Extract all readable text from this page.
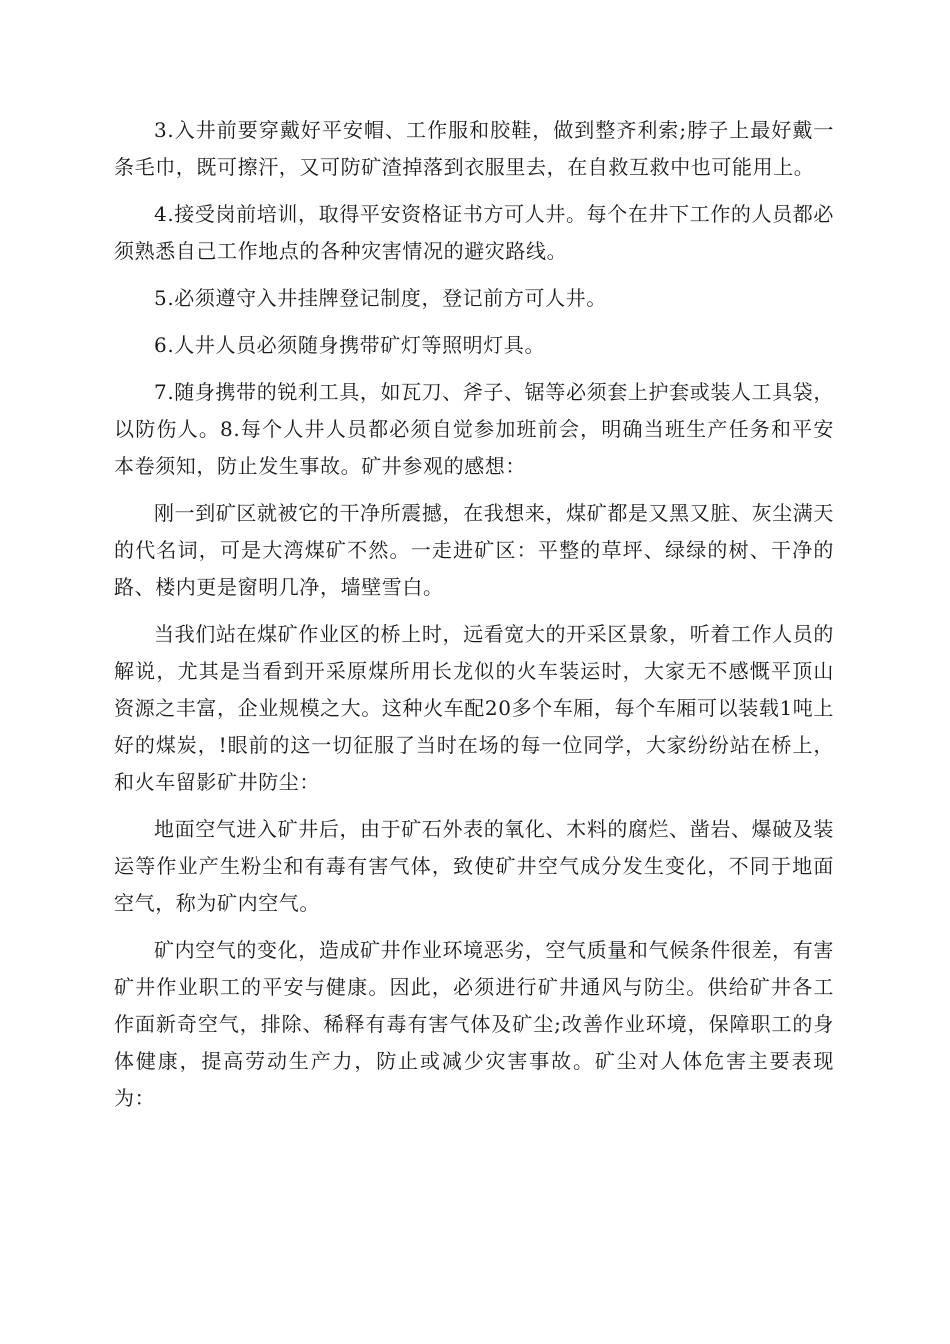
3.入井前要穿戴好平安帽、工作服和胶鞋，做到整齐利索;脖子上最好戴一条毛巾，既可擦汗，又可防矿渣掉落到衣服里去，在自救互救中也可能用上。

4.接受岗前培训，取得平安资格证书方可人井。每个在井下工作的人员都必须熟悉自己工作地点的各种灾害情况的避灾路线。

5.必须遵守入井挂牌登记制度，登记前方可人井。

6.人井人员必须随身携带矿灯等照明灯具。

7.随身携带的锐利工具，如瓦刀、斧子、锯等必须套上护套或装人工具袋，以防伤人。8.每个人井人员都必须自觉参加班前会，明确当班生产任务和平安本卷须知，防止发生事故。矿井参观的感想：

刚一到矿区就被它的干净所震撼，在我想来，煤矿都是又黑又脏、灰尘满天的代名词，可是大湾煤矿不然。一走进矿区：平整的草坪、绿绿的树、干净的路、楼内更是窗明几净，墙壁雪白。

当我们站在煤矿作业区的桥上时，远看宽大的开采区景象，听着工作人员的解说，尤其是当看到开采原煤所用长龙似的火车装运时，大家无不感慨平顶山资源之丰富，企业规模之大。这种火车配20多个车厢，每个车厢可以装载1吨上好的煤炭，!眼前的这一切征服了当时在场的每一位同学，大家纷纷站在桥上，和火车留影矿井防尘：

地面空气进入矿井后，由于矿石外表的氧化、木料的腐烂、凿岩、爆破及装运等作业产生粉尘和有毒有害气体，致使矿井空气成分发生变化，不同于地面空气，称为矿内空气。

矿内空气的变化，造成矿井作业环境恶劣，空气质量和气候条件很差，有害矿井作业职工的平安与健康。因此，必须进行矿井通风与防尘。供给矿井各工作面新奇空气，排除、稀释有毒有害气体及矿尘;改善作业环境，保障职工的身体健康，提高劳动生产力，防止或减少灾害事故。矿尘对人体危害主要表现为：
